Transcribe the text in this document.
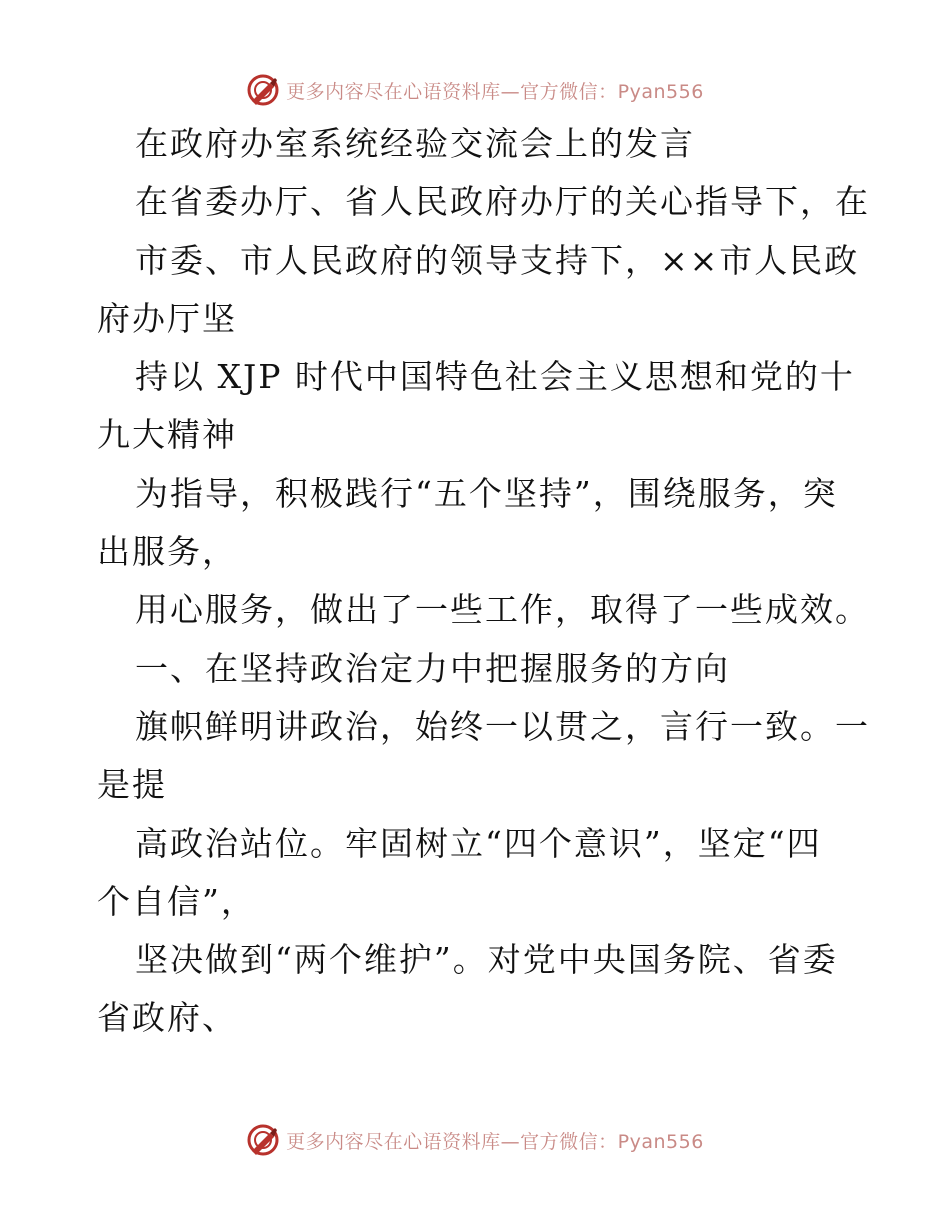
更多内容尽在心语资料库—官方微信：Pyan556
在政府办室系统经验交流会上的发言
在省委办厅、省人民政府办厅的关心指导下，在
市委、市人民政府的领导支持下，××市人民政
府办厅坚
持以 XJP 时代中国特色社会主义思想和党的十
九大精神
为指导，积极践行“五个坚持”，围绕服务，突
出服务，
用心服务，做出了一些工作，取得了一些成效。
一、在坚持政治定力中把握服务的方向
旗帜鲜明讲政治，始终一以贯之，言行一致。一
是提
高政治站位。牢固树立“四个意识”，坚定“四
个自信”，
坚决做到“两个维护”。对党中央国务院、省委
省政府、
更多内容尽在心语资料库—官方微信：Pyan556
